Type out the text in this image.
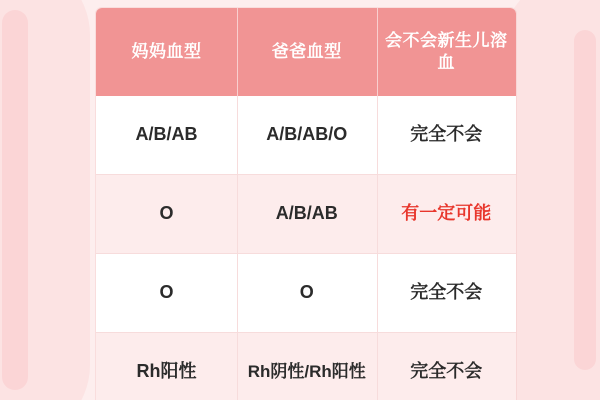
妈妈血型	爸爸血型	会不会新生儿溶血
A/B/AB	A/B/AB/O	完全不会
O	A/B/AB	有一定可能
O	O	完全不会
Rh阳性	Rh阴性/Rh阳性	完全不会
